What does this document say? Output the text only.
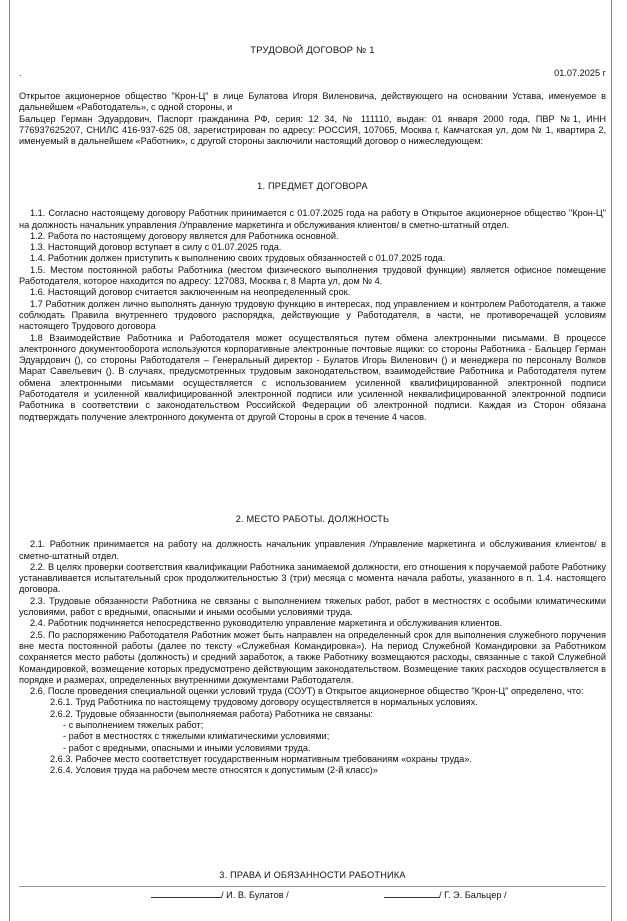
ТРУДОВОЙ ДОГОВОР № 1
.	01.07.2025 г

Открытое акционерное общество "Крон-Ц" в лице Булатова Игоря Виленовича, действующего на основании Устава, именуемое в дальнейшем «Работодатель», с одной стороны, и

Бальцер Герман Эдуардович, Паспорт гражданина РФ, серия: 12 34, № 111110, выдан: 01 января 2000 года, ПВР №1, ИНН 776937625207, СНИЛС 416-937-625 08, зарегистрирован по адресу: РОССИЯ, 107065, Москва г, Камчатская ул, дом № 1, квартира 2, именуемый в дальнейшем «Работник», с другой стороны заключили настоящий договор о нижеследующем:

1. ПРЕДМЕТ ДОГОВОРА

1.1. Согласно настоящему договору Работник принимается с 01.07.2025 года на работу в Открытое акционерное общество "Крон-Ц" на должность начальник управления /Управление маркетинга и обслуживания клиентов/ в сметно-штатный отдел.

1.2. Работа по настоящему договору является для Работника основной.

1.3. Настоящий договор вступает в силу с 01.07.2025 года.

1.4. Работник должен приступить к выполнению своих трудовых обязанностей с 01.07.2025 года.

1.5. Местом постоянной работы Работника (местом физического выполнения трудовой функции) является офисное помещение Работодателя, которое находится по адресу: 127083, Москва г, 8 Марта ул, дом № 4.

1.6. Настоящий договор считается заключенным на неопределенный срок.

1.7 Работник должен лично выполнять данную трудовую функцию в интересах, под управлением и контролем Работодателя, а также соблюдать Правила внутреннего трудового распорядка, действующие у Работодателя, в части, не противоречащей условиям настоящего Трудового договора

1.8 Взаимодействие Работника и Работодателя может осуществляться путем обмена электронными письмами. В процессе электронного документооборота используются корпоративные электронные почтовые ящики: со стороны Работника - Бальцер Герман Эдуардович (), со стороны Работодателя – Генеральный директор - Булатов Игорь Виленович () и менеджера по персоналу Волков Марат Савельевич (). В случаях, предусмотренных трудовым законодательством, взаимодействие Работника и Работодателя путем обмена электронными письмами осуществляется с использованием усиленной квалифицированной электронной подписи Работодателя и усиленной квалифицированной электронной подписи или усиленной неквалифицированной электронной подписи Работника в соответствии с законодательством Российской Федерации об электронной подписи. Каждая из Сторон обязана подтверждать получение электронного документа от другой Стороны в срок в течение 4 часов.

2. МЕСТО РАБОТЫ. ДОЛЖНОСТЬ

2.1. Работник принимается на работу на должность начальник управления /Управление маркетинга и обслуживания клиентов/ в сметно-штатный отдел.

2.2. В целях проверки соответствия квалификации Работника занимаемой должности, его отношения к поручаемой работе Работнику устанавливается испытательный срок продолжительностью 3 (три) месяца с момента начала работы, указанного в п. 1.4. настоящего договора.

2.3. Трудовые обязанности Работника не связаны с выполнением тяжелых работ, работ в местностях с особыми климатическими условиями, работ с вредными, опасными и иными особыми условиями труда.

2.4. Работник подчиняется непосредственно руководителю управление маркетинга и обслуживания клиентов.

2.5. По распоряжению Работодателя Работник может быть направлен на определенный срок для выполнения служебного поручения вне места постоянной работы (далее по тексту «Служебная Командировка»). На период Служебной Командировки за Работником сохраняется место работы (должность) и средний заработок, а также Работнику возмещаются расходы, связанные с такой Служебной Командировкой, возмещение которых предусмотрено действующим законодательством. Возмещение таких расходов осуществляется в порядке и размерах, определенных внутренними документами Работодателя.

2.6. После проведения специальной оценки условий труда (СОУТ) в Открытое акционерное общество "Крон-Ц" определено, что:

2.6.1. Труд Работника по настоящему трудовому договору осуществляется в нормальных условиях.

2.6.2. Трудовые обязанности (выполняемая работа) Работника не связаны:

- с выполнением тяжелых работ;

- работ в местностях с тяжелыми климатическими условиями;

- работ с вредными, опасными и иными условиями труда.

2.6.3. Рабочее место соответствует государственным нормативным требованиям «охраны труда».

2.6.4. Условия труда на рабочем месте относятся к допустимым (2-й класс)»

3. ПРАВА И ОБЯЗАННОСТИ РАБОТНИКА
/ И. В. Булатов /	/ Г. Э. Бальцер /
